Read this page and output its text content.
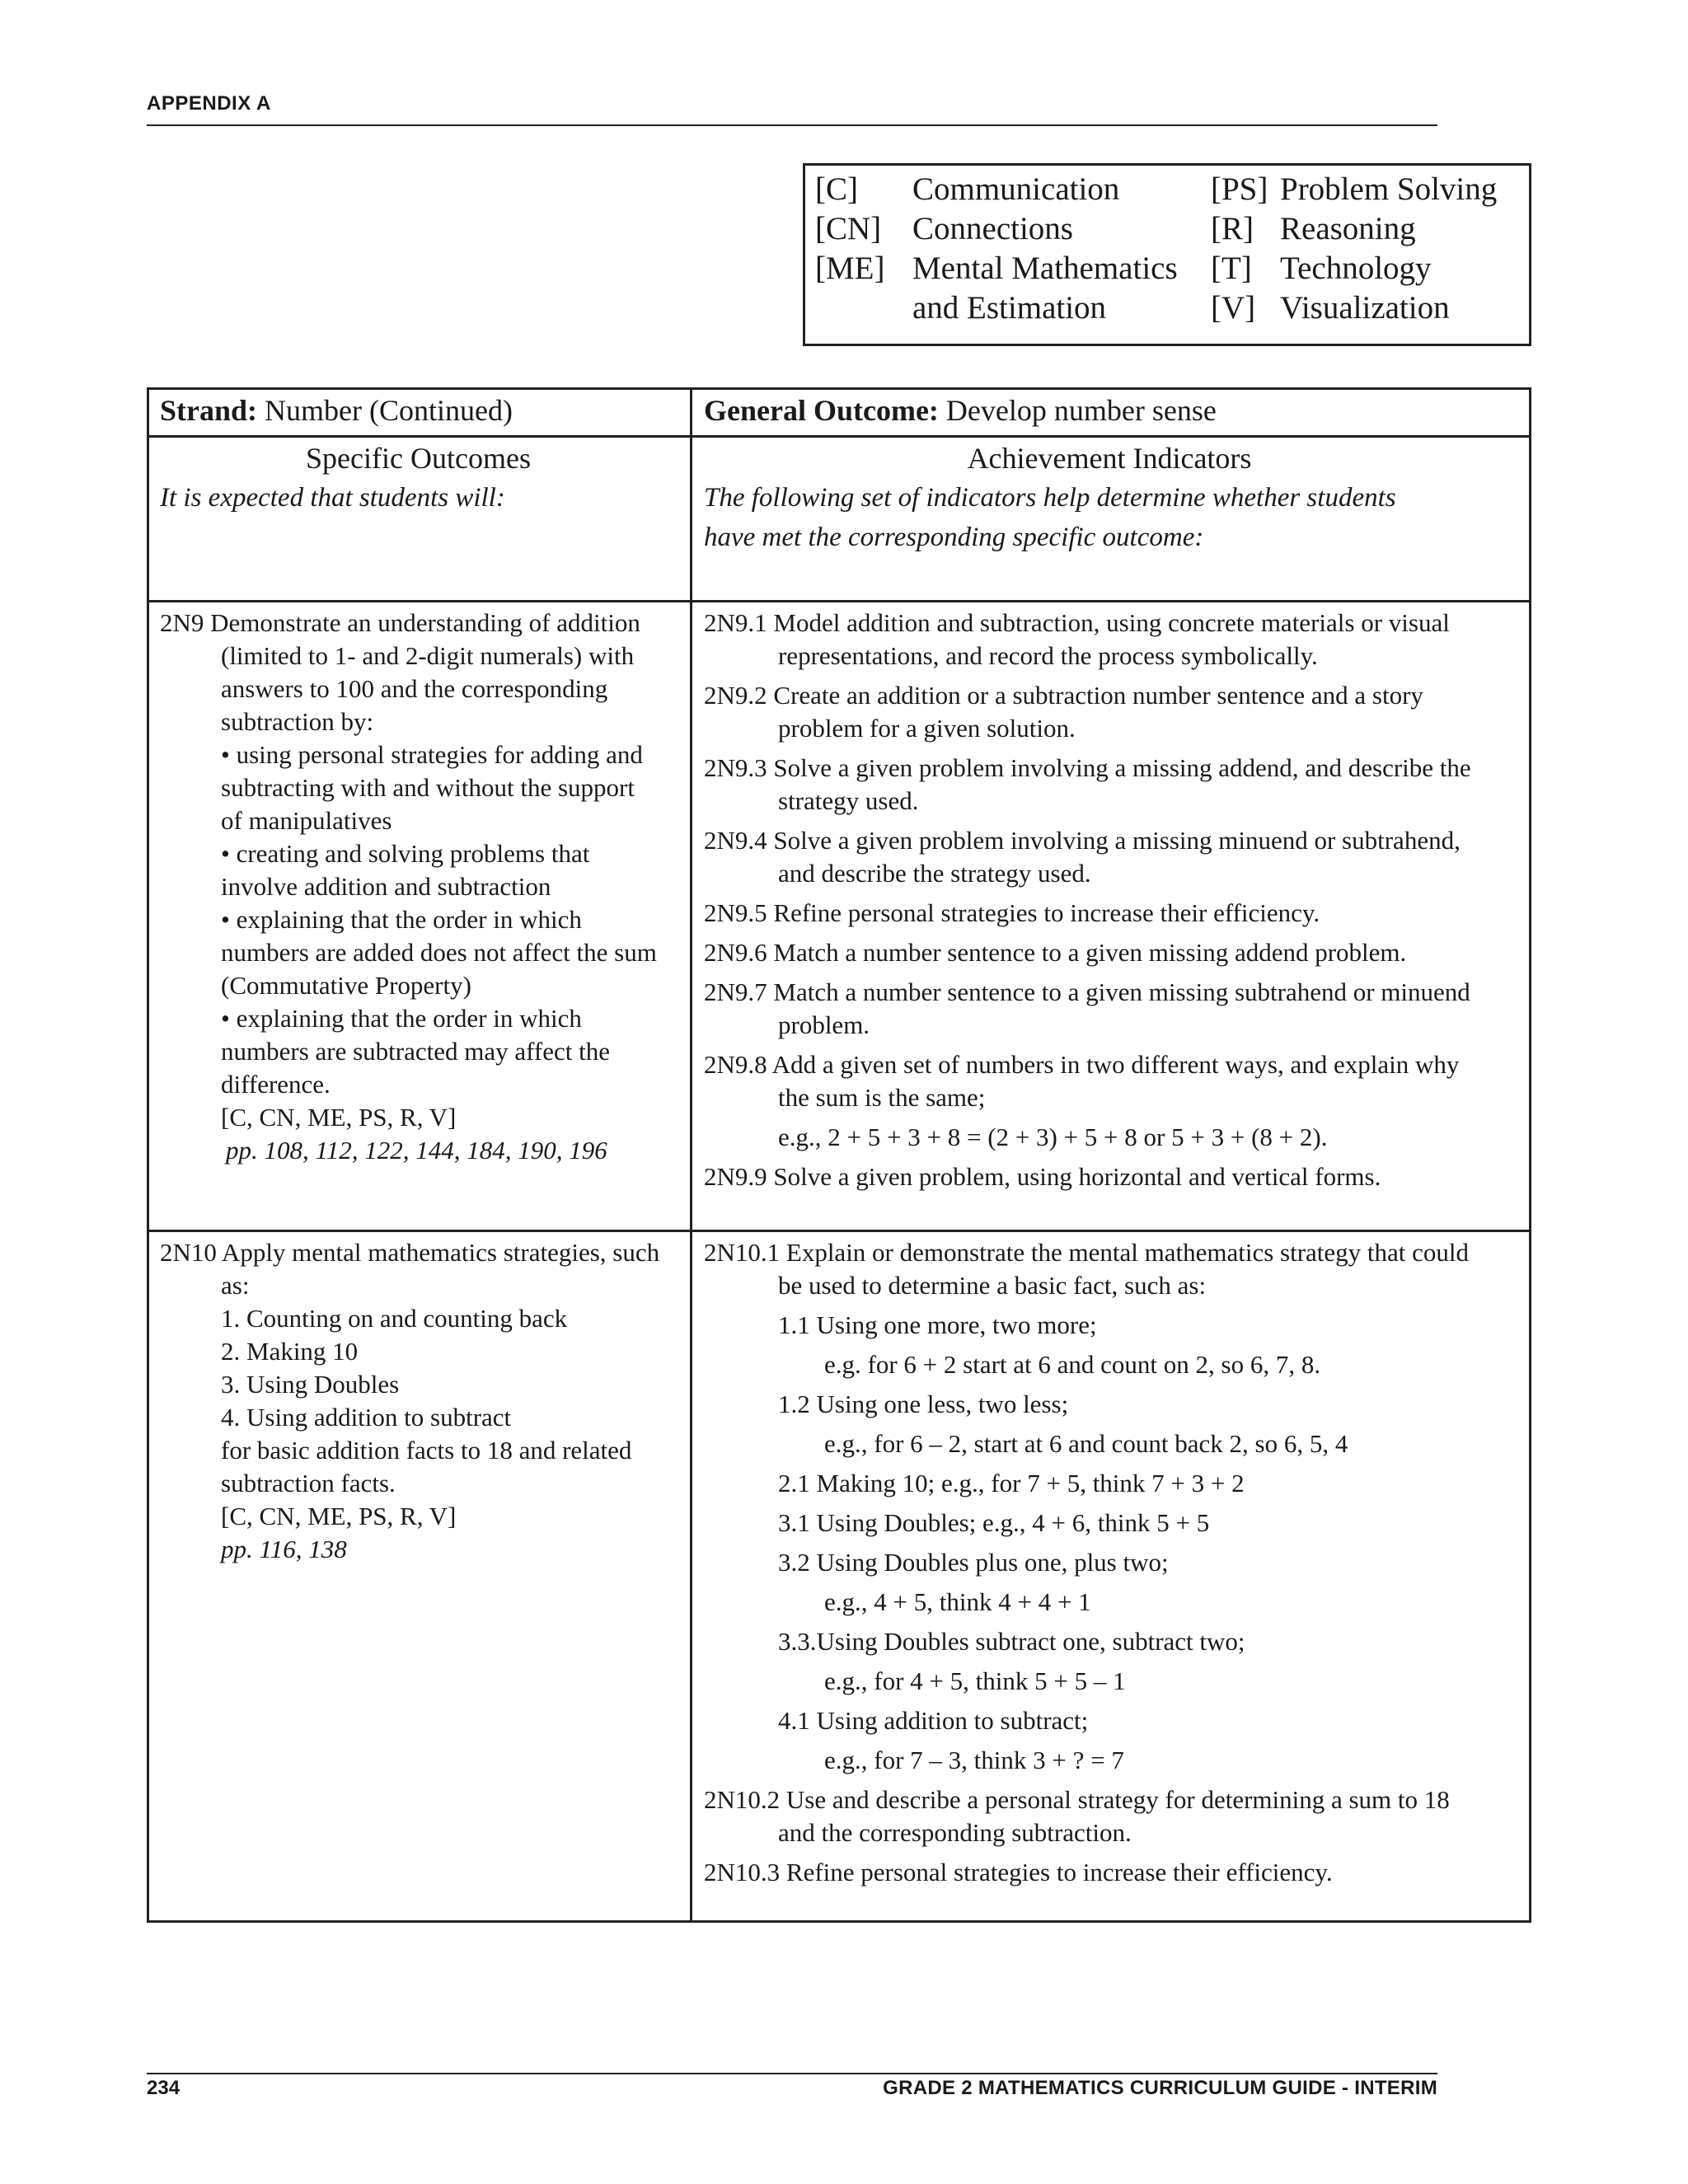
APPENDIX A
[C] Communication
[CN] Connections
[ME] Mental Mathematics
and Estimation
[PS] Problem Solving
[R] Reasoning
[T] Technology
[V] Visualization
Strand: Number (Continued)	General Outcome: Develop number sense
Specific Outcomes
It is expected that students will:
Achievement Indicators
The following set of indicators help determine whether students
have met the corresponding specific outcome:
2N9 Demonstrate an understanding of addition
(limited to 1- and 2-digit numerals) with
answers to 100 and the corresponding
subtraction by:
• using personal strategies for adding and
subtracting with and without the support
of manipulatives
• creating and solving problems that
involve addition and subtraction
• explaining that the order in which
numbers are added does not affect the sum
(Commutative Property)
• explaining that the order in which
numbers are subtracted may affect the
difference.
[C, CN, ME, PS, R, V]
pp. 108, 112, 122, 144, 184, 190, 196
2N9.1 Model addition and subtraction, using concrete materials or visual
representations, and record the process symbolically.
2N9.2 Create an addition or a subtraction number sentence and a story
problem for a given solution.
2N9.3 Solve a given problem involving a missing addend, and describe the
strategy used.
2N9.4 Solve a given problem involving a missing minuend or subtrahend,
and describe the strategy used.
2N9.5 Refine personal strategies to increase their efficiency.
2N9.6 Match a number sentence to a given missing addend problem.
2N9.7 Match a number sentence to a given missing subtrahend or minuend
problem.
2N9.8 Add a given set of numbers in two different ways, and explain why
the sum is the same;
e.g., 2 + 5 + 3 + 8 = (2 + 3) + 5 + 8 or 5 + 3 + (8 + 2).
2N9.9 Solve a given problem, using horizontal and vertical forms.
2N10 Apply mental mathematics strategies, such
as:
1. Counting on and counting back
2. Making 10
3. Using Doubles
4. Using addition to subtract
for basic addition facts to 18 and related
subtraction facts.
[C, CN, ME, PS, R, V]
pp. 116, 138
2N10.1 Explain or demonstrate the mental mathematics strategy that could
be used to determine a basic fact, such as:
1.1 Using one more, two more;
e.g. for 6 + 2 start at 6 and count on 2, so 6, 7, 8.
1.2 Using one less, two less;
e.g., for 6 – 2, start at 6 and count back 2, so 6, 5, 4
2.1 Making 10; e.g., for 7 + 5, think 7 + 3 + 2
3.1 Using Doubles; e.g., 4 + 6, think 5 + 5
3.2 Using Doubles plus one, plus two;
e.g., 4 + 5, think 4 + 4 + 1
3.3.Using Doubles subtract one, subtract two;
e.g., for 4 + 5, think 5 + 5 – 1
4.1 Using addition to subtract;
e.g., for 7 – 3, think 3 + ? = 7
2N10.2 Use and describe a personal strategy for determining a sum to 18
and the corresponding subtraction.
2N10.3 Refine personal strategies to increase their efficiency.
234	GRADE 2 MATHEMATICS CURRICULUM GUIDE - INTERIM
